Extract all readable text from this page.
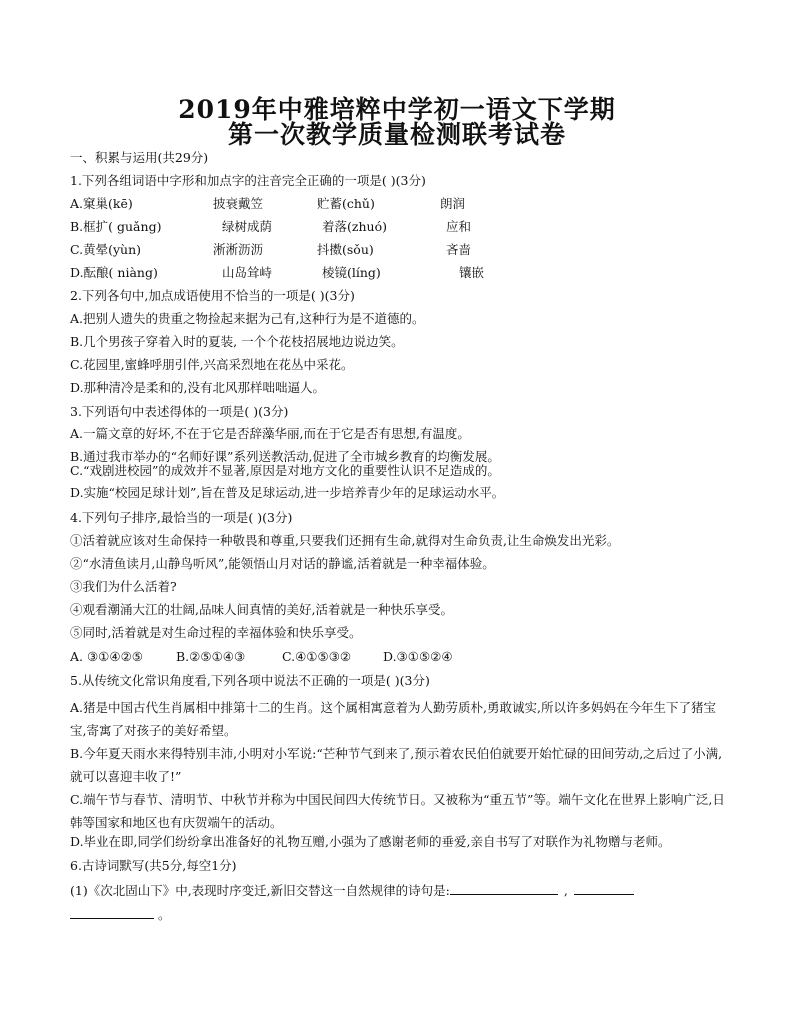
2019年中雅培粹中学初一语文下学期
第一次教学质量检测联考试卷
一、积累与运用(共29分)
1.下列各组词语中字形和加点字的注音完全正确的一项是( )(3分)
A.窠巢(kē)	披衰戴笠	贮蓄(chǔ)	朗润
B.框扩( guǎng)	绿树成荫	着落(zhuó)	应和
C.黄晕(yùn)	淅淅沥沥	抖擞(sǒu)	吝啬
D.酝酿( niàng)	山岛耸峙	棱镜(líng)	镶嵌
2.下列各句中,加点成语使用不恰当的一项是( )(3分)
A.把别人遗失的贵重之物捡起来据为己有,这种行为是不道德的。
B.几个男孩子穿着入时的夏装, 一个个花枝招展地边说边笑。
C.花园里,蜜蜂呼朋引伴,兴高采烈地在花丛中采花。
D.那种清冷是柔和的,没有北风那样咄咄逼人。
3.下列语句中表述得体的一项是( )(3分)
A.一篇文章的好坏,不在于它是否辞藻华丽,而在于它是否有思想,有温度。
B.通过我市举办的“名师好课”系列送教活动,促进了全市城乡教育的均衡发展。
C.“戏剧进校园”的成效并不显著,原因是对地方文化的重要性认识不足造成的。
D.实施“校园足球计划”,旨在普及足球运动,进一步培养青少年的足球运动水平。
4.下列句子排序,最恰当的一项是( )(3分)
①活着就应该对生命保持一种敬畏和尊重,只要我们还拥有生命,就得对生命负责,让生命焕发出光彩。
②“水清鱼读月,山静鸟听风”,能领悟山月对话的静谧,活着就是一种幸福体验。
③我们为什么活着?
④观看潮涌大江的壮阔,品味人间真情的美好,活着就是一种快乐享受。
⑤同时,活着就是对生命过程的幸福体验和快乐享受。
A. ③①④②⑤	B.②⑤①④③	C.④①⑤③②	D.③①⑤②④
5.从传统文化常识角度看,下列各项中说法不正确的一项是( )(3分)
A.猪是中国古代生肖属相中排第十二的生肖。这个属相寓意着为人勤劳质朴,勇敢诚实,所以许多妈妈在今年生下了猪宝宝,寄寓了对孩子的美好希望。
B.今年夏天雨水来得特别丰沛,小明对小军说:“芒种节气到来了,预示着农民伯伯就要开始忙碌的田间劳动,之后过了小满,就可以喜迎丰收了!”
C.端午节与春节、清明节、中秋节并称为中国民间四大传统节日。又被称为“重五节”等。端午文化在世界上影响广泛,日韩等国家和地区也有庆贺端午的活动。
D.毕业在即,同学们纷纷拿出准备好的礼物互赠,小强为了感谢老师的垂爱,亲自书写了对联作为礼物赠与老师。
6.古诗词默写(共5分,每空1分)
(1)《次北固山下》中,表现时序变迁,新旧交替这一自然规律的诗句是:	,
。
